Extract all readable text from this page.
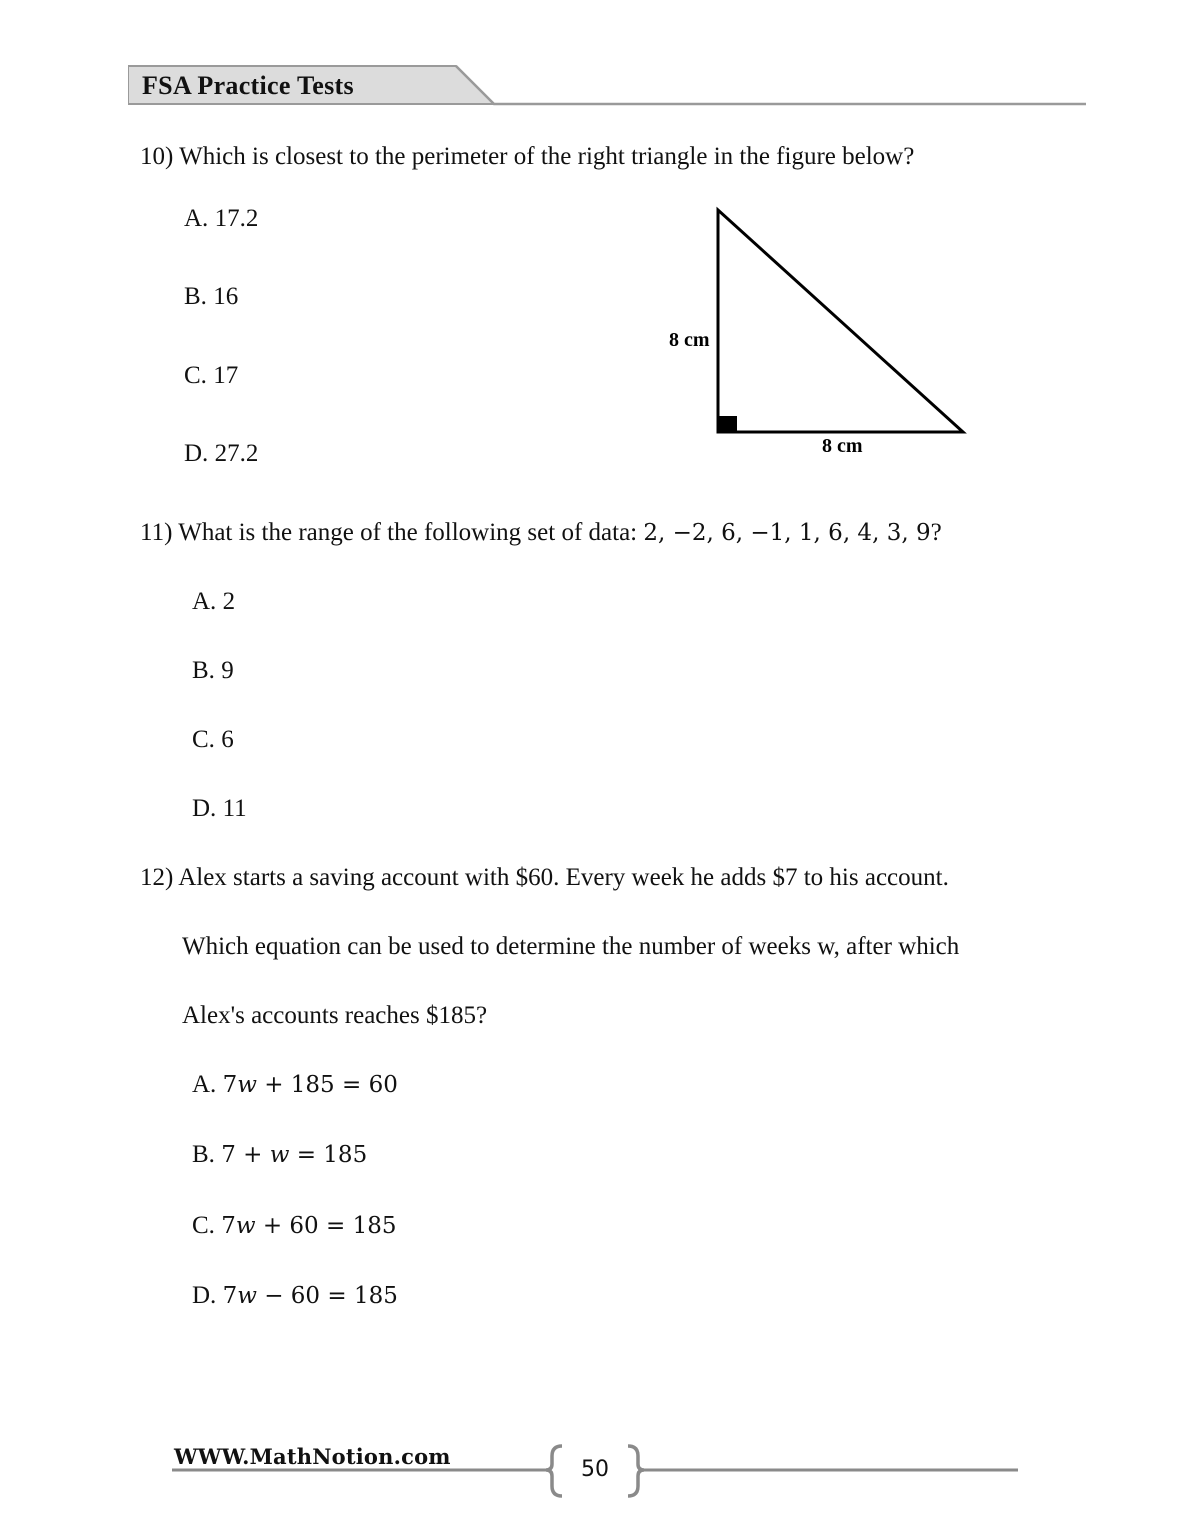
FSA Practice Tests
10) Which is closest to the perimeter of the right triangle in the figure below?
A. 17.2
B. 16
C. 17
D. 27.2
8 cm
8 cm
11) What is the range of the following set of data: 2, −2, 6, −1, 1, 6, 4, 3, 9?
A. 2
B. 9
C. 6
D. 11
12) Alex starts a saving account with $60. Every week he adds $7 to his account.
Which equation can be used to determine the number of weeks w, after which
Alex's accounts reaches $185?
A. 7w + 185 = 60
B. 7 + w = 185
C. 7w + 60 = 185
D. 7w − 60 = 185
WWW.MathNotion.com
50
